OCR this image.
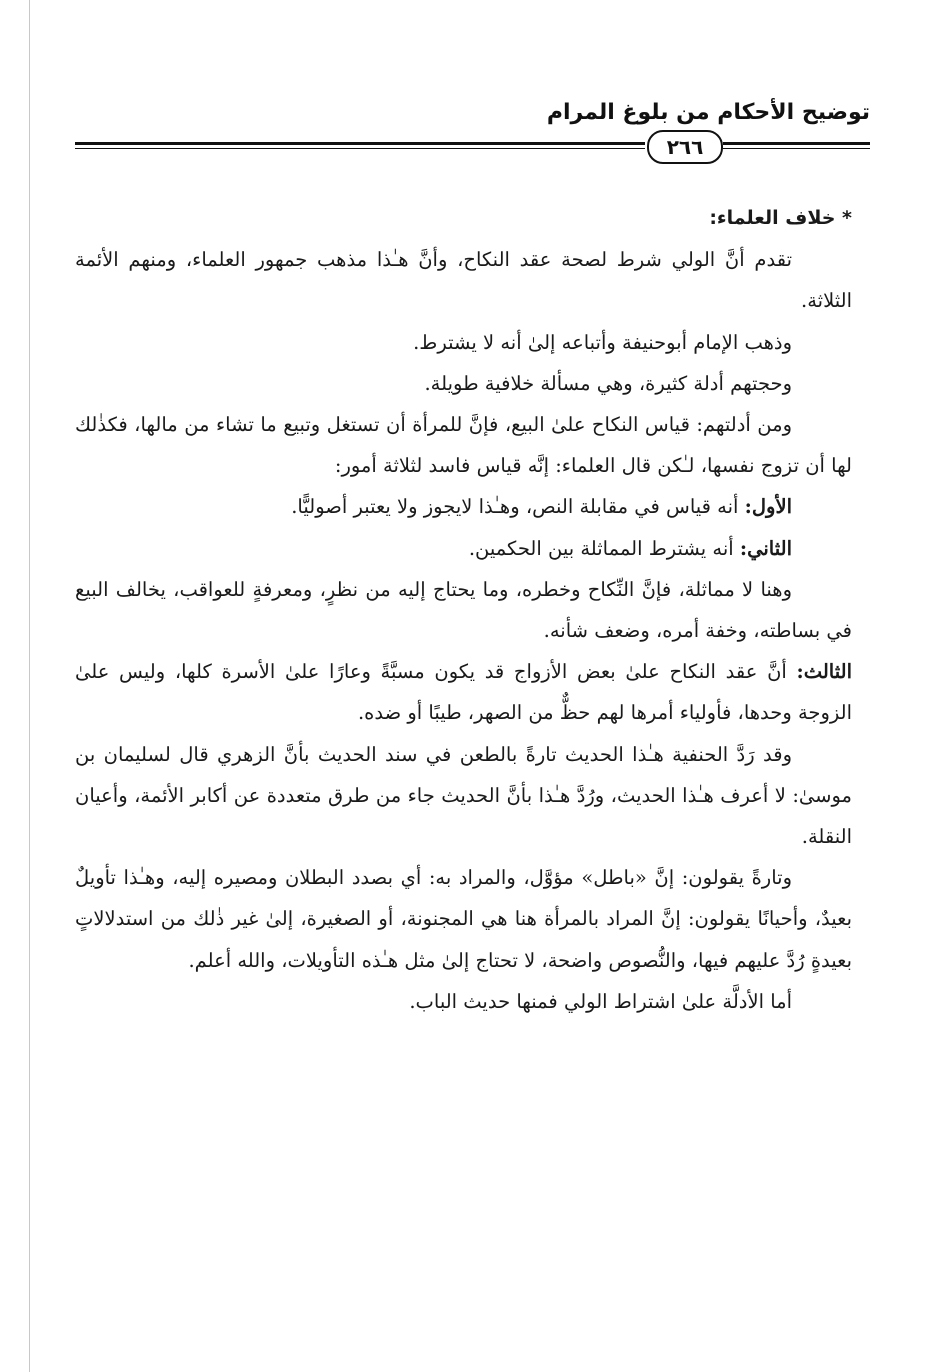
توضيح الأحكام من بلوغ المرام
٢٦٦

* خلاف العلماء:

تقدم أنَّ الولي شرط لصحة عقد النكاح، وأنَّ هـٰذا مذهب جمهور العلماء، ومنهم الأئمة الثلاثة.

وذهب الإمام أبوحنيفة وأتباعه إلىٰ أنه لا يشترط.

وحجتهم أدلة كثيرة، وهي مسألة خلافية طويلة.

ومن أدلتهم: قياس النكاح علىٰ البيع، فإنَّ للمرأة أن تستغل وتبيع ما تشاء من مالها، فكذٰلك لها أن تزوج نفسها، لـٰكن قال العلماء: إنَّه قياس فاسد لثلاثة أمور:

الأول: أنه قياس في مقابلة النص، وهـٰذا لايجوز ولا يعتبر أصوليًّا.

الثاني: أنه يشترط المماثلة بين الحكمين.

وهنا لا مماثلة، فإنَّ النِّكاح وخطره، وما يحتاج إليه من نظرٍ، ومعرفةٍ للعواقب، يخالف البيع في بساطته، وخفة أمره، وضعف شأنه.

الثالث: أنَّ عقد النكاح علىٰ بعض الأزواج قد يكون مسبَّةً وعارًا علىٰ الأسرة كلها، وليس علىٰ الزوجة وحدها، فأولياء أمرها لهم حظٌّ من الصهر، طيبًا أو ضده.

وقد رَدَّ الحنفية هـٰذا الحديث تارةً بالطعن في سند الحديث بأنَّ الزهري قال لسليمان بن موسىٰ: لا أعرف هـٰذا الحديث، ورُدَّ هـٰذا بأنَّ الحديث جاء من طرق متعددة عن أكابر الأئمة، وأعيان النقلة.

وتارةً يقولون: إنَّ «باطل» مؤوَّل، والمراد به: أي بصدد البطلان ومصيره إليه، وهـٰذا تأويلٌ بعيدٌ، وأحيانًا يقولون: إنَّ المراد بالمرأة هنا هي المجنونة، أو الصغيرة، إلىٰ غير ذٰلك من استدلالاتٍ بعيدةٍ رُدَّ عليهم فيها، والنُّصوص واضحة، لا تحتاج إلىٰ مثل هـٰذه التأويلات، والله أعلم.

أما الأدلَّة علىٰ اشتراط الولي فمنها حديث الباب.
